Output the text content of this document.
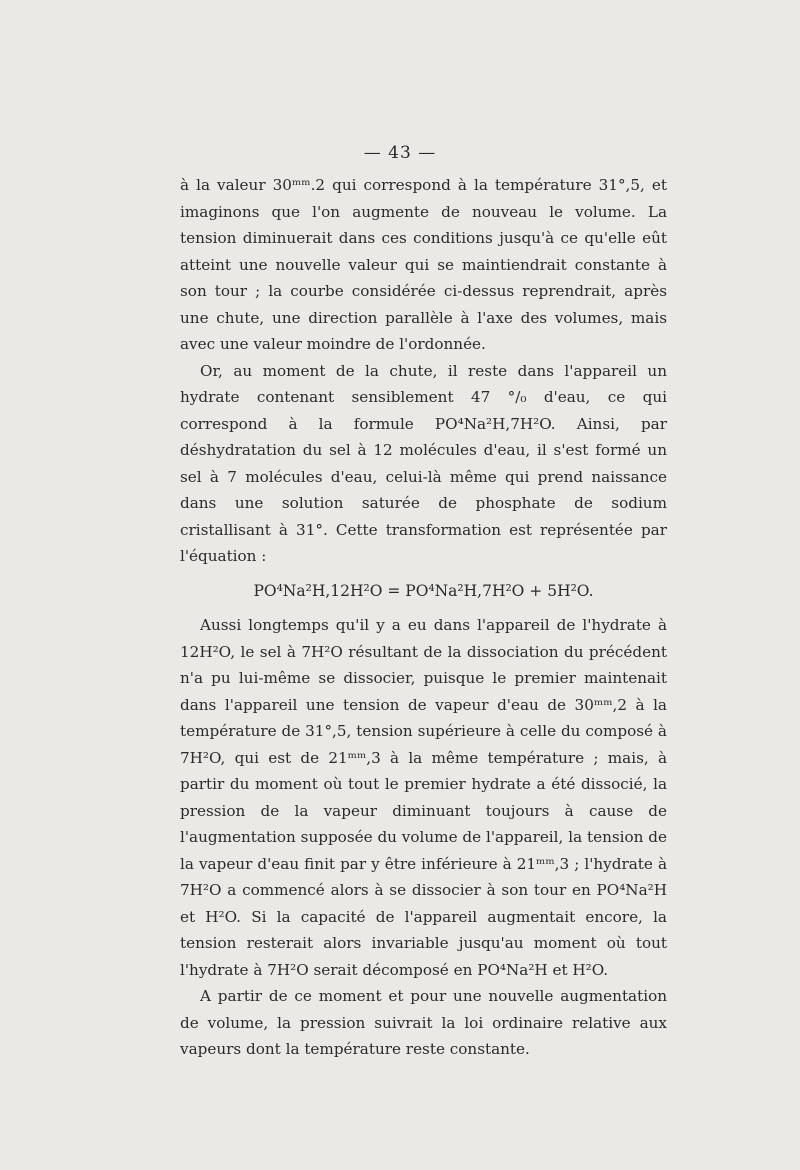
— 43 —

à la valeur 30ᵐᵐ.2 qui correspond à la température 31°,5, et imaginons que l'on augmente de nouveau le volume. La tension diminuerait dans ces conditions jusqu'à ce qu'elle eût atteint une nouvelle valeur qui se maintiendrait constante à son tour ; la courbe considérée ci-dessus reprendrait, après une chute, une direction parallèle à l'axe des volumes, mais avec une valeur moindre de l'ordonnée.

Or, au moment de la chute, il reste dans l'appareil un hydrate contenant sensiblement 47 °/₀ d'eau, ce qui correspond à la formule PO⁴Na²H,7H²O. Ainsi, par déshydratation du sel à 12 molécules d'eau, il s'est formé un sel à 7 molécules d'eau, celui-là même qui prend naissance dans une solution saturée de phosphate de sodium cristallisant à 31°. Cette transformation est représentée par l'équation :

PO⁴Na²H,12H²O = PO⁴Na²H,7H²O + 5H²O.

Aussi longtemps qu'il y a eu dans l'appareil de l'hydrate à 12H²O, le sel à 7H²O résultant de la dissociation du précédent n'a pu lui-même se dissocier, puisque le premier maintenait dans l'appareil une tension de vapeur d'eau de 30ᵐᵐ,2 à la température de 31°,5, tension supérieure à celle du composé à 7H²O, qui est de 21ᵐᵐ,3 à la même température ; mais, à partir du moment où tout le premier hydrate a été dissocié, la pression de la vapeur diminuant toujours à cause de l'augmentation supposée du volume de l'appareil, la tension de la vapeur d'eau finit par y être inférieure à 21ᵐᵐ,3 ; l'hydrate à 7H²O a commencé alors à se dissocier à son tour en PO⁴Na²H et H²O. Si la capacité de l'appareil augmentait encore, la tension resterait alors invariable jusqu'au moment où tout l'hydrate à 7H²O serait décomposé en PO⁴Na²H et H²O.

A partir de ce moment et pour une nouvelle augmentation de volume, la pression suivrait la loi ordinaire relative aux vapeurs dont la température reste constante.
